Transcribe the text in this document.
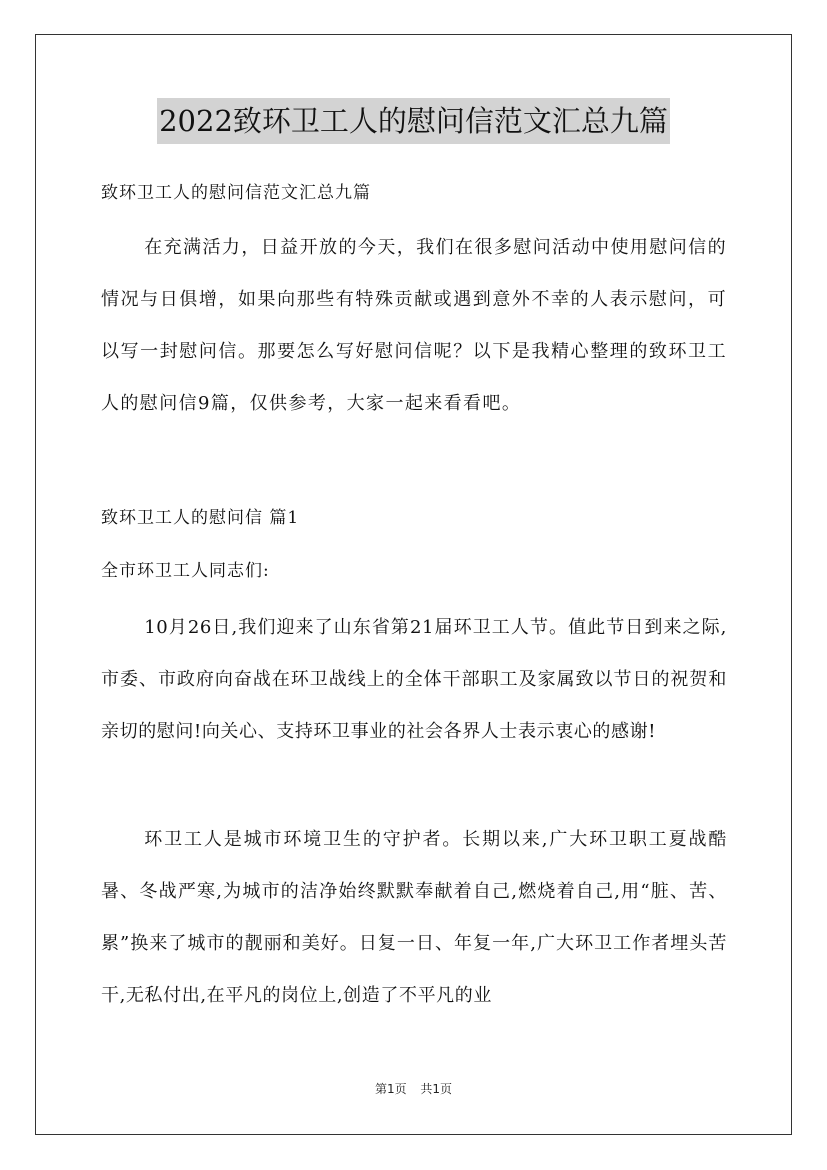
2022致环卫工人的慰问信范文汇总九篇
致环卫工人的慰问信范文汇总九篇

在充满活力，日益开放的今天，我们在很多慰问活动中使用慰问信的情况与日俱增，如果向那些有特殊贡献或遇到意外不幸的人表示慰问，可以写一封慰问信。那要怎么写好慰问信呢？以下是我精心整理的致环卫工人的慰问信9篇，仅供参考，大家一起来看看吧。

致环卫工人的慰问信 篇1
全市环卫工人同志们:

10月26日,我们迎来了山东省第21届环卫工人节。值此节日到来之际,市委、市政府向奋战在环卫战线上的全体干部职工及家属致以节日的祝贺和亲切的慰问!向关心、支持环卫事业的社会各界人士表示衷心的感谢!

环卫工人是城市环境卫生的守护者。长期以来,广大环卫职工夏战酷暑、冬战严寒,为城市的洁净始终默默奉献着自己,燃烧着自己,用“脏、苦、累”换来了城市的靓丽和美好。日复一日、年复一年,广大环卫工作者埋头苦干,无私付出,在平凡的岗位上,创造了不平凡的业

第1页 共1页
